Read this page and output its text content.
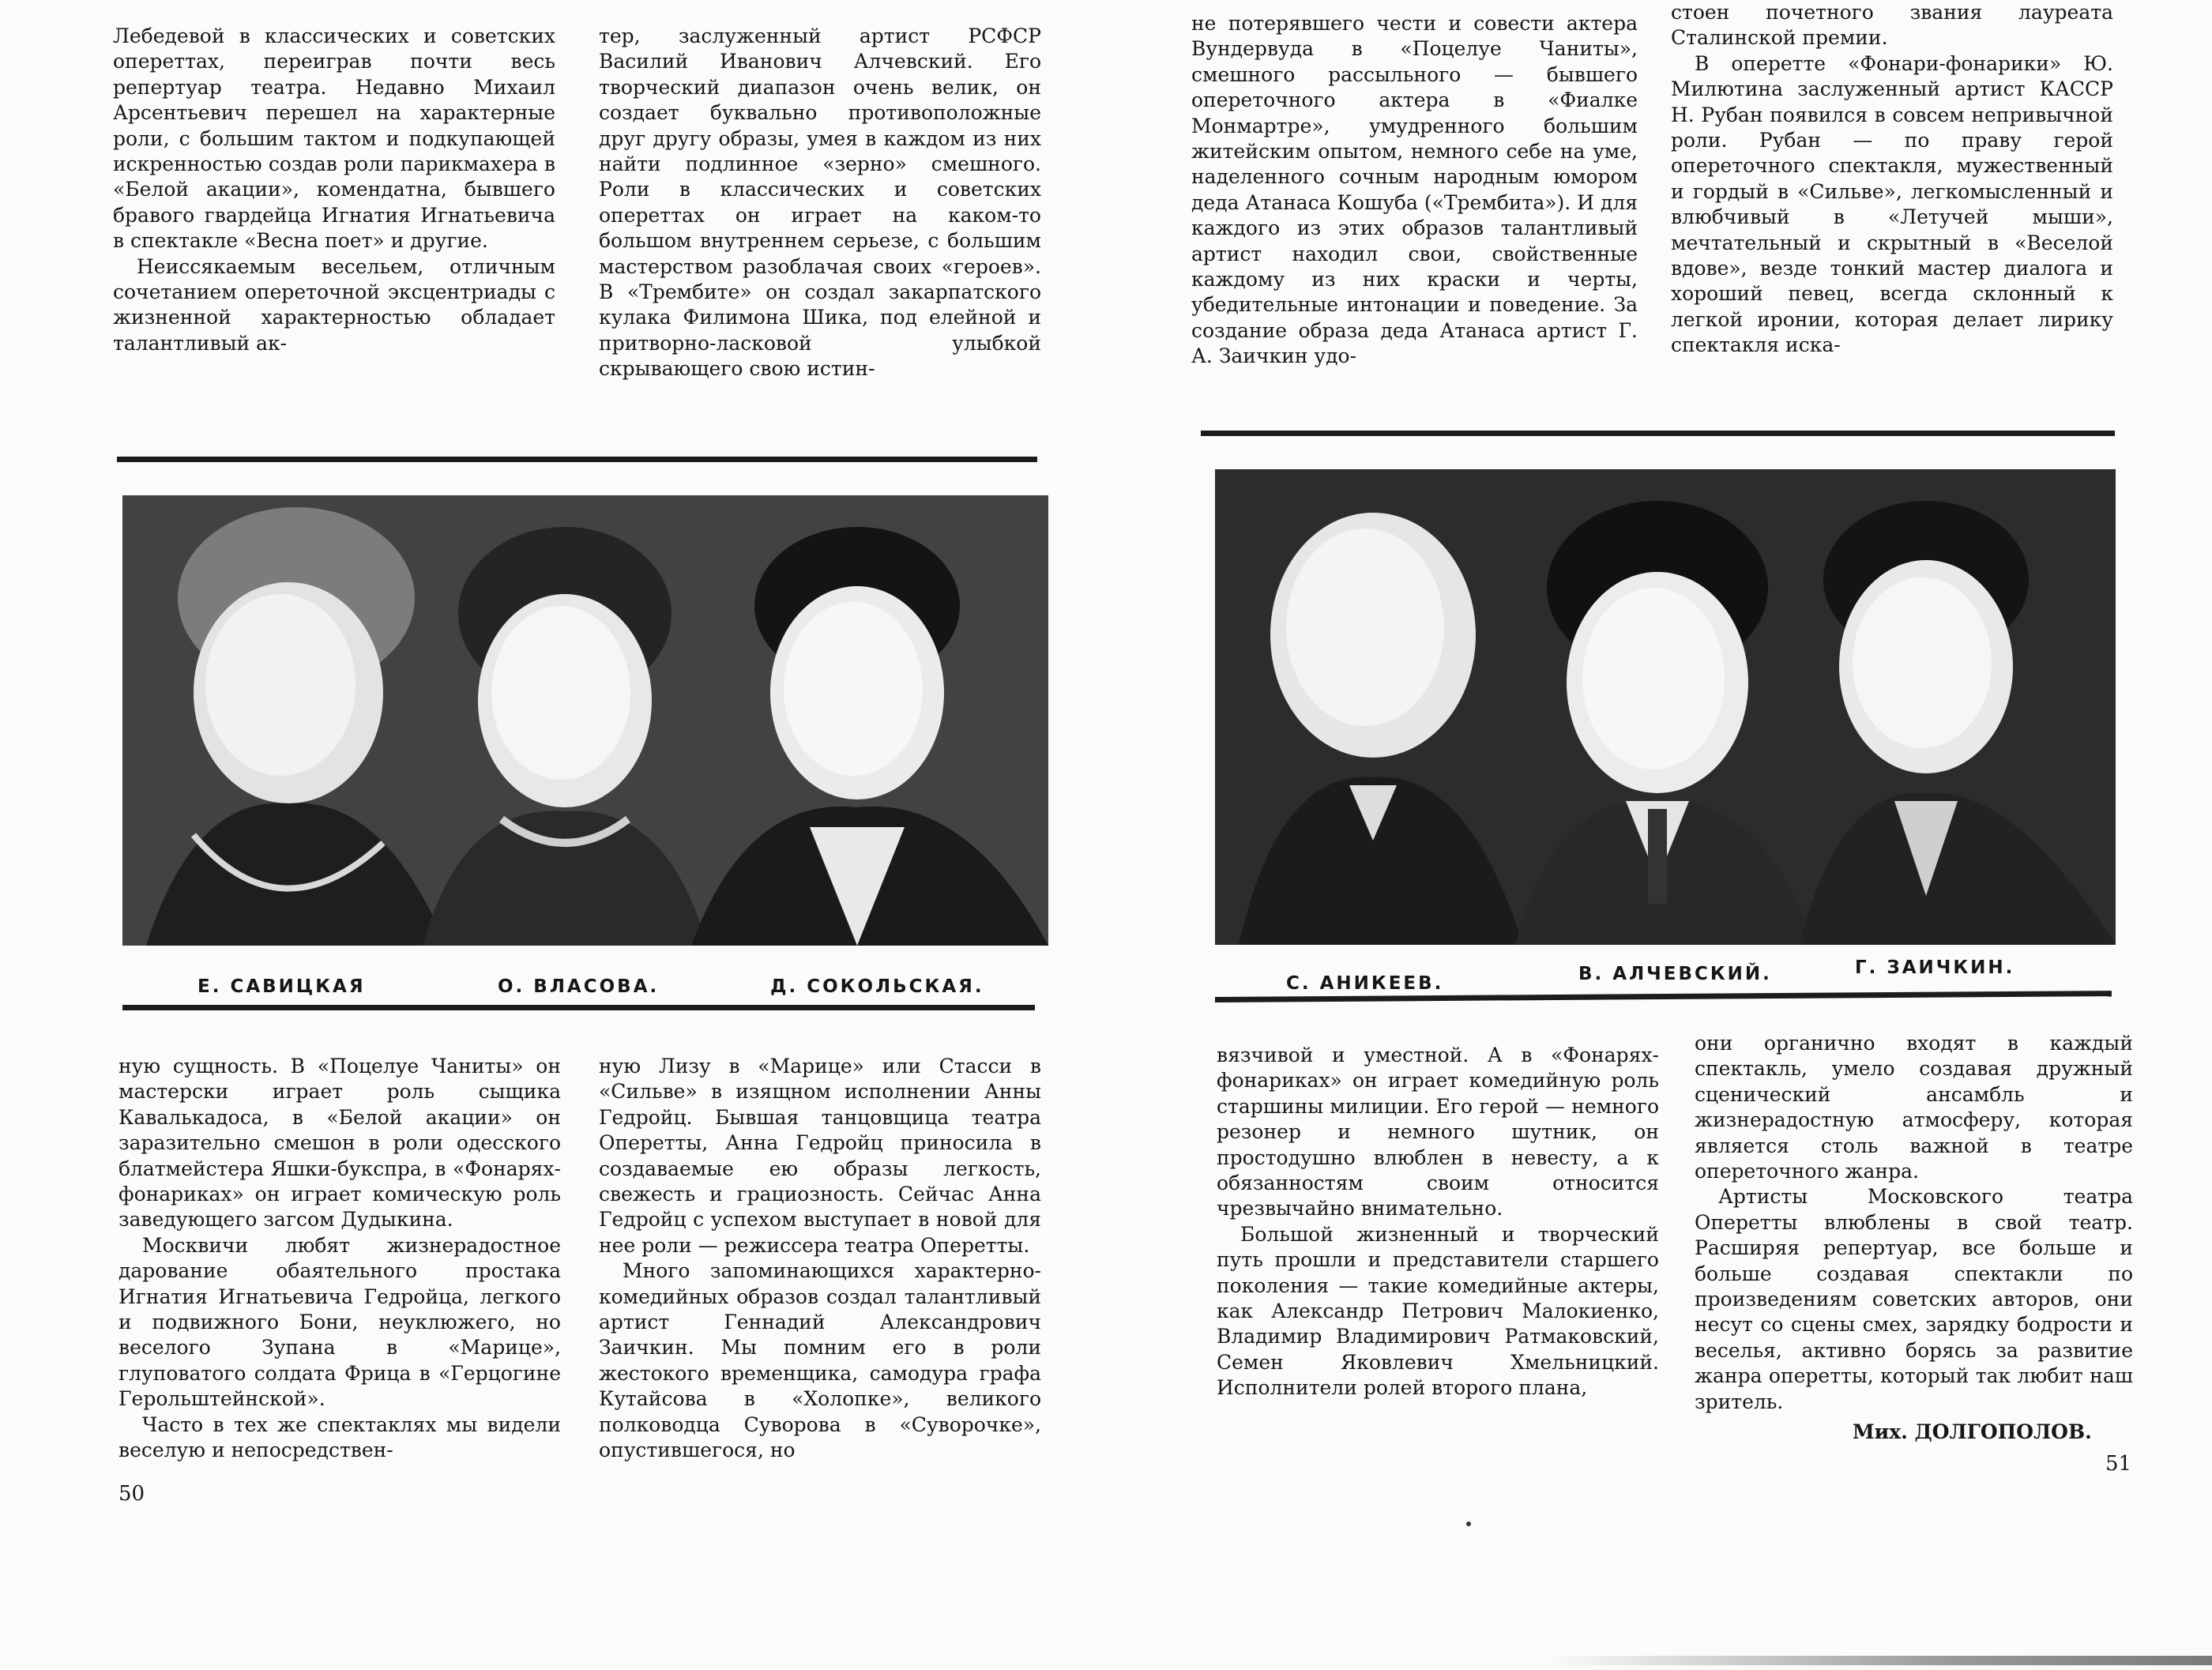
Лебедевой в классических и советских опереттах, переиграв почти весь репертуар театра. Недавно Михаил Арсентьевич перешел на характерные роли, с большим тактом и подкупающей искренностью создав роли парикмахера в «Белой акации», комендатна, бывшего бравого гвардейца Игнатия Игнатьевича в спектакле «Весна поет» и другие.

Неиссякаемым весельем, отличным сочетанием опереточной эксцентриады с жизненной характерностью обладает талантливый ак-

тер, заслуженный артист РСФСР Василий Иванович Алчевский. Его творческий диапазон очень велик, он создает буквально противоположные друг другу образы, умея в каждом из них найти подлинное «зерно» смешного. Роли в классических и советских опереттах он играет на каком-то большом внутреннем серьезе, с большим мастерством разоблачая своих «героев». В «Трембите» он создал закарпатского кулака Филимона Шика, под елейной и притворно-ласковой улыбкой скрывающего свою истин-

Е. САВИЦКАЯ	О. ВЛАСОВА.	Д. СОКОЛЬСКАЯ.

ную сущность. В «Поцелуе Чаниты» он мастерски играет роль сыщика Кавалькадоса, в «Белой акации» он заразительно смешон в роли одесского блатмейстера Яшки-букспра, в «Фонарях-фонариках» он играет комическую роль заведующего загсом Дудыкина.

Москвичи любят жизнерадостное дарование обаятельного простака Игнатия Игнатьевича Гедройца, легкого и подвижного Бони, неуклюжего, но веселого Зупана в «Марице», глуповатого солдата Фрица в «Герцогине Герольштейнской».

Часто в тех же спектаклях мы видели веселую и непосредствен-

ную Лизу в «Марице» или Стасси в «Сильве» в изящном исполнении Анны Гедройц. Бывшая танцовщица театра Оперетты, Анна Гедройц приносила в создаваемые ею образы легкость, свежесть и грациозность. Сейчас Анна Гедройц с успехом выступает в новой для нее роли — режиссера театра Оперетты.

Много запоминающихся характерно-комедийных образов создал талантливый артист Геннадий Александрович Заичкин. Мы помним его в роли жестокого временщика, самодура графа Кутайсова в «Холопке», великого полководца Суворова в «Суворочке», опустившегося, но

50

не потерявшего чести и совести актера Вундервуда в «Поцелуе Чаниты», смешного рассыльного — бывшего опереточного актера в «Фиалке Монмартре», умудренного большим житейским опытом, немного себе на уме, наделенного сочным народным юмором деда Атанаса Кошуба («Трембита»). И для каждого из этих образов талантливый артист находил свои, свойственные каждому из них краски и черты, убедительные интонации и поведение. За создание образа деда Атанаса артист Г. А. Заичкин удо-

стоен почетного звания лауреата Сталинской премии.

В оперетте «Фонари-фонарики» Ю. Милютина заслуженный артист КАССР Н. Рубан появился в совсем непривычной роли. Рубан — по праву герой опереточного спектакля, мужественный и гордый в «Сильве», легкомысленный и влюбчивый в «Летучей мыши», мечтательный и скрытный в «Веселой вдове», везде тонкий мастер диалога и хороший певец, всегда склонный к легкой иронии, которая делает лирику спектакля иска-

С. АНИКЕЕВ.	В. АЛЧЕВСКИЙ.	Г. ЗАИЧКИН.

вязчивой и уместной. А в «Фонарях-фонариках» он играет комедийную роль старшины милиции. Его герой — немного резонер и немного шутник, он простодушно влюблен в невесту, а к обязанностям своим относится чрезвычайно внимательно.

Большой жизненный и творческий путь прошли и представители старшего поколения — такие комедийные актеры, как Александр Петрович Малокиенко, Владимир Владимирович Ратмаковский, Семен Яковлевич Хмельницкий. Исполнители ролей второго плана,

они органично входят в каждый спектакль, умело создавая дружный сценический ансамбль и жизнерадостную атмосферу, которая является столь важной в театре опереточного жанра.

Артисты Московского театра Оперетты влюблены в свой театр. Расширяя репертуар, все больше и больше создавая спектакли по произведениям советских авторов, они несут со сцены смех, зарядку бодрости и веселья, активно борясь за развитие жанра оперетты, который так любит наш зритель.

Мих. ДОЛГОПОЛОВ.
51
